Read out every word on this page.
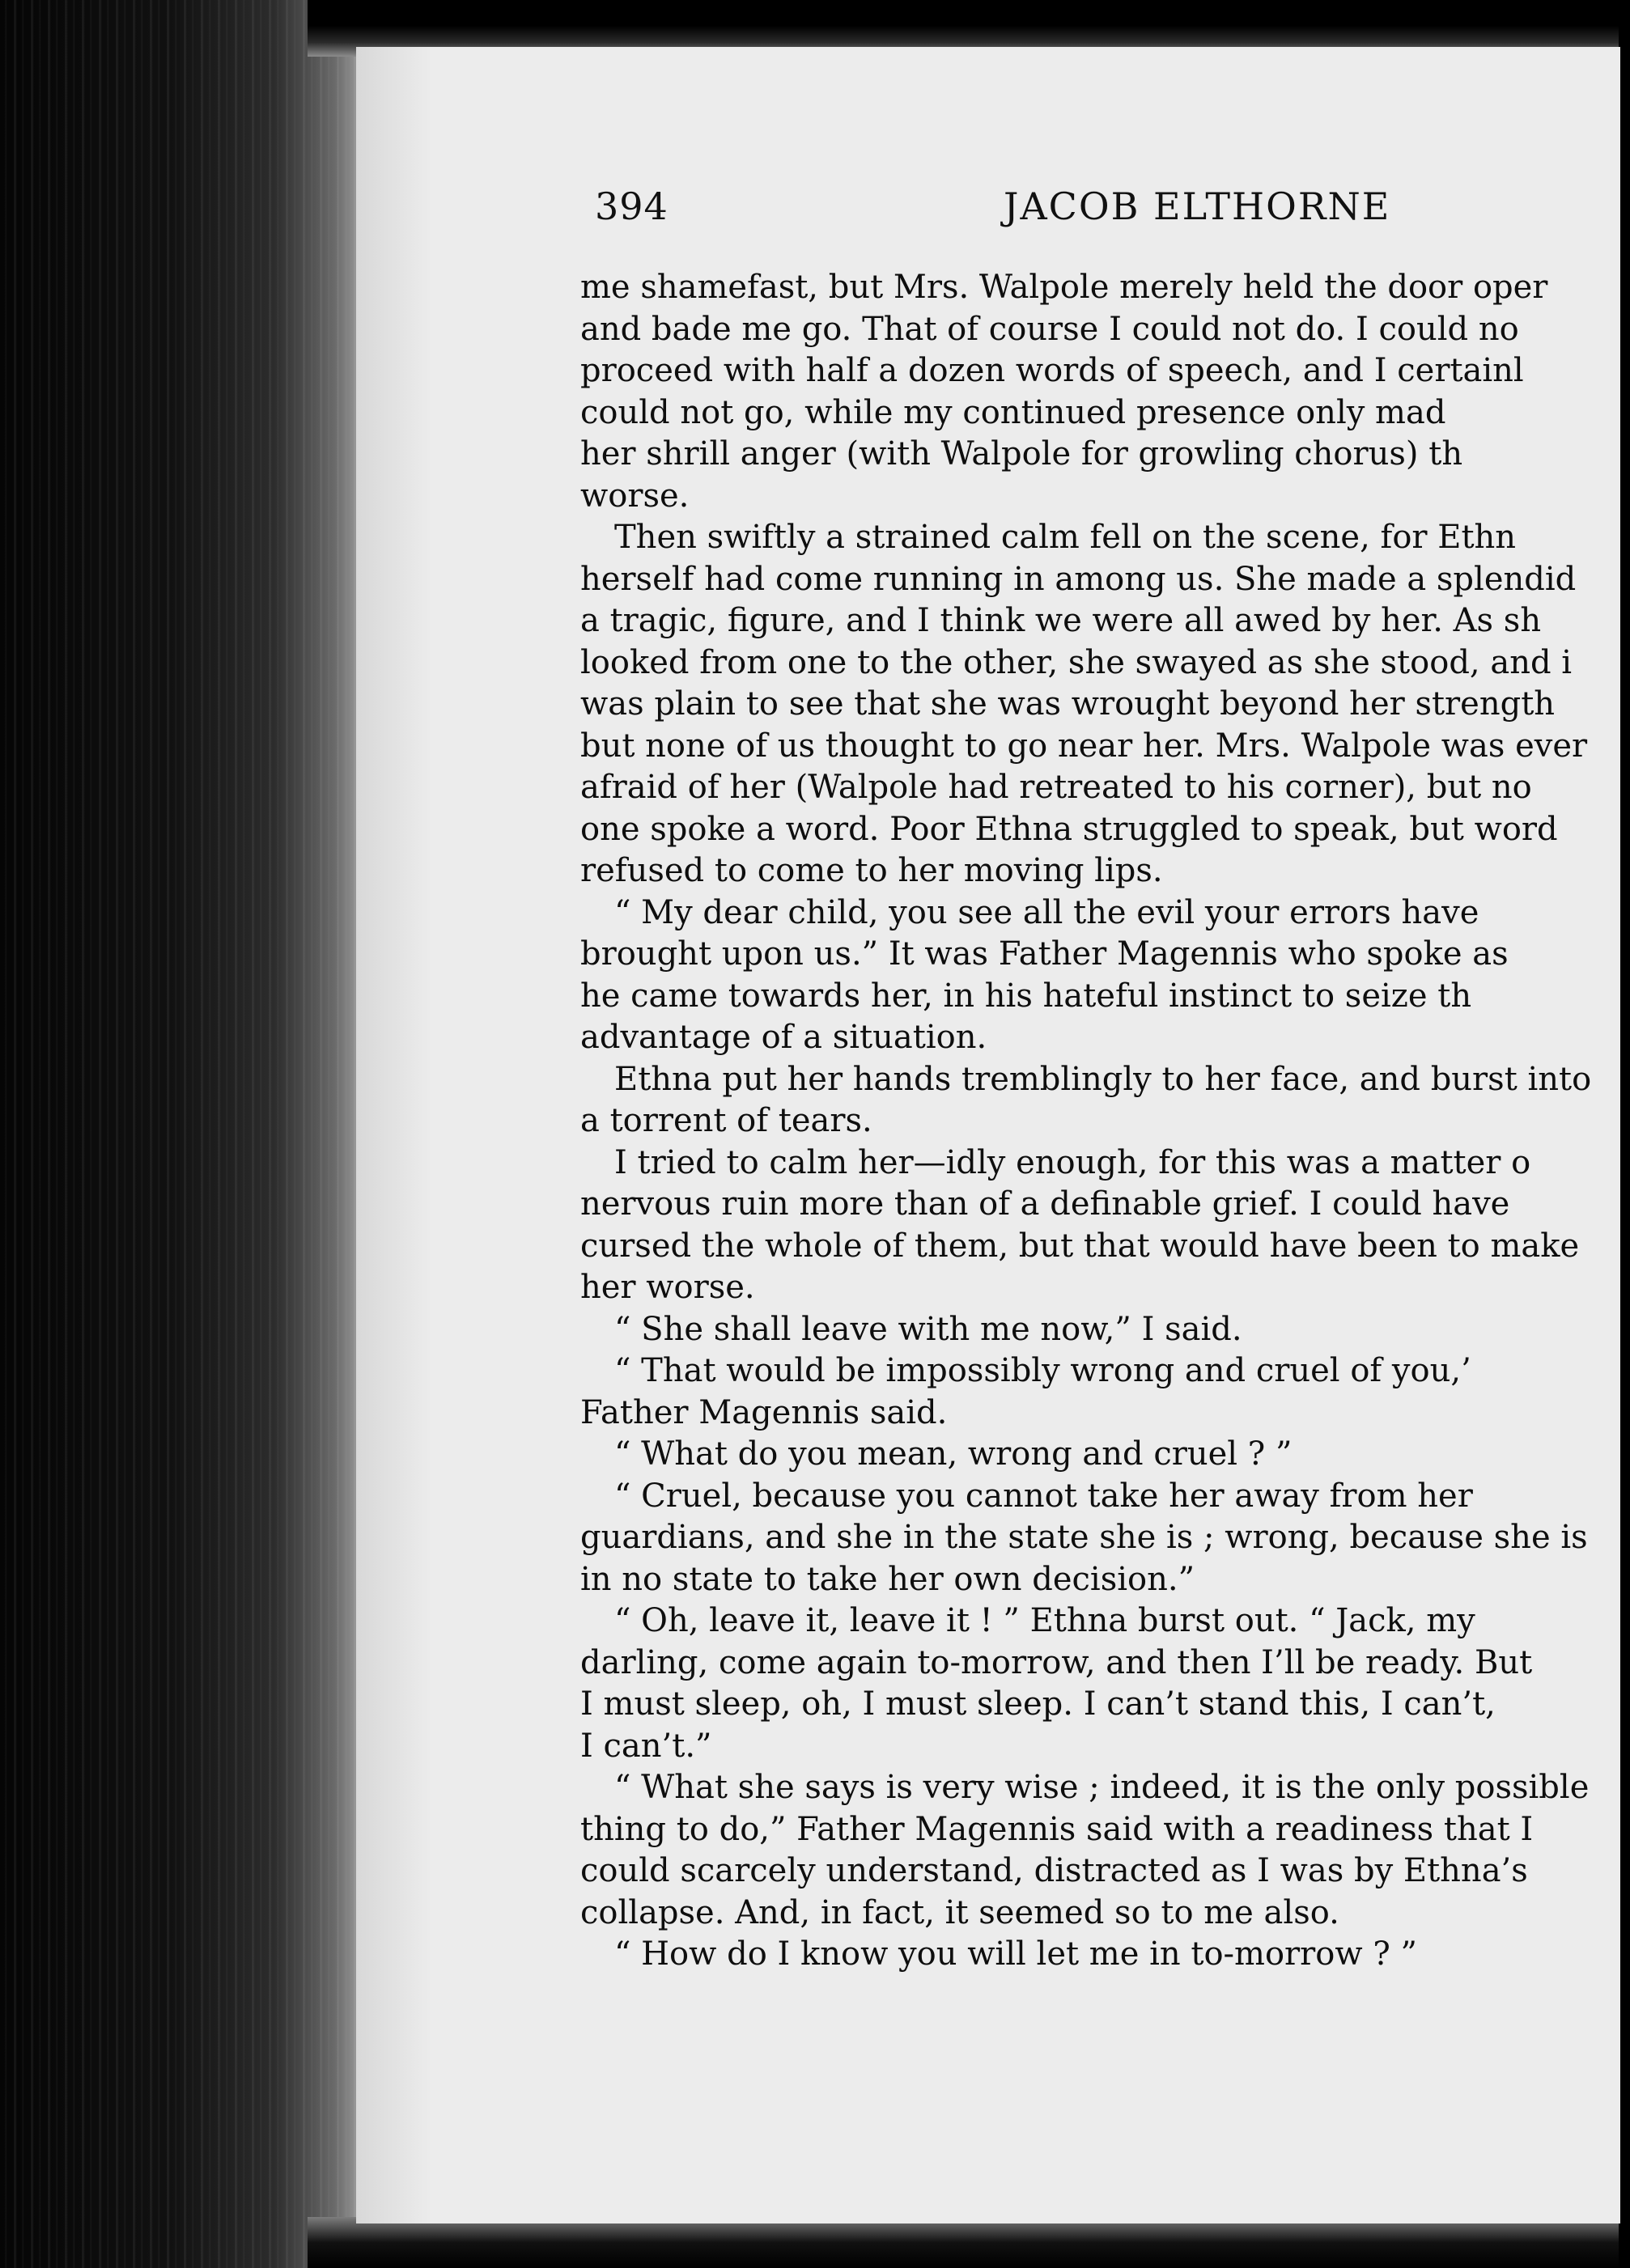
394	JACOB ELTHORNE
me shamefast, but Mrs. Walpole merely held the door oper
and bade me go. That of course I could not do. I could no
proceed with half a dozen words of speech, and I certainl
could not go, while my continued presence only mad
her shrill anger (with Walpole for growling chorus) th
worse.
Then swiftly a strained calm fell on the scene, for Ethn
herself had come running in among us. She made a splendid
a tragic, figure, and I think we were all awed by her. As sh
looked from one to the other, she swayed as she stood, and i
was plain to see that she was wrought beyond her strength
but none of us thought to go near her. Mrs. Walpole was ever
afraid of her (Walpole had retreated to his corner), but no
one spoke a word. Poor Ethna struggled to speak, but word
refused to come to her moving lips.
“ My dear child, you see all the evil your errors have
brought upon us.” It was Father Magennis who spoke as
he came towards her, in his hateful instinct to seize th
advantage of a situation.
Ethna put her hands tremblingly to her face, and burst into
a torrent of tears.
I tried to calm her—idly enough, for this was a matter o
nervous ruin more than of a definable grief. I could have
cursed the whole of them, but that would have been to make
her worse.
“ She shall leave with me now,” I said.
“ That would be impossibly wrong and cruel of you,’
Father Magennis said.
“ What do you mean, wrong and cruel ? ”
“ Cruel, because you cannot take her away from her
guardians, and she in the state she is ; wrong, because she is
in no state to take her own decision.”
“ Oh, leave it, leave it ! ” Ethna burst out. “ Jack, my
darling, come again to-morrow, and then I’ll be ready. But
I must sleep, oh, I must sleep. I can’t stand this, I can’t,
I can’t.”
“ What she says is very wise ; indeed, it is the only possible
thing to do,” Father Magennis said with a readiness that I
could scarcely understand, distracted as I was by Ethna’s
collapse. And, in fact, it seemed so to me also.
“ How do I know you will let me in to-morrow ? ”
